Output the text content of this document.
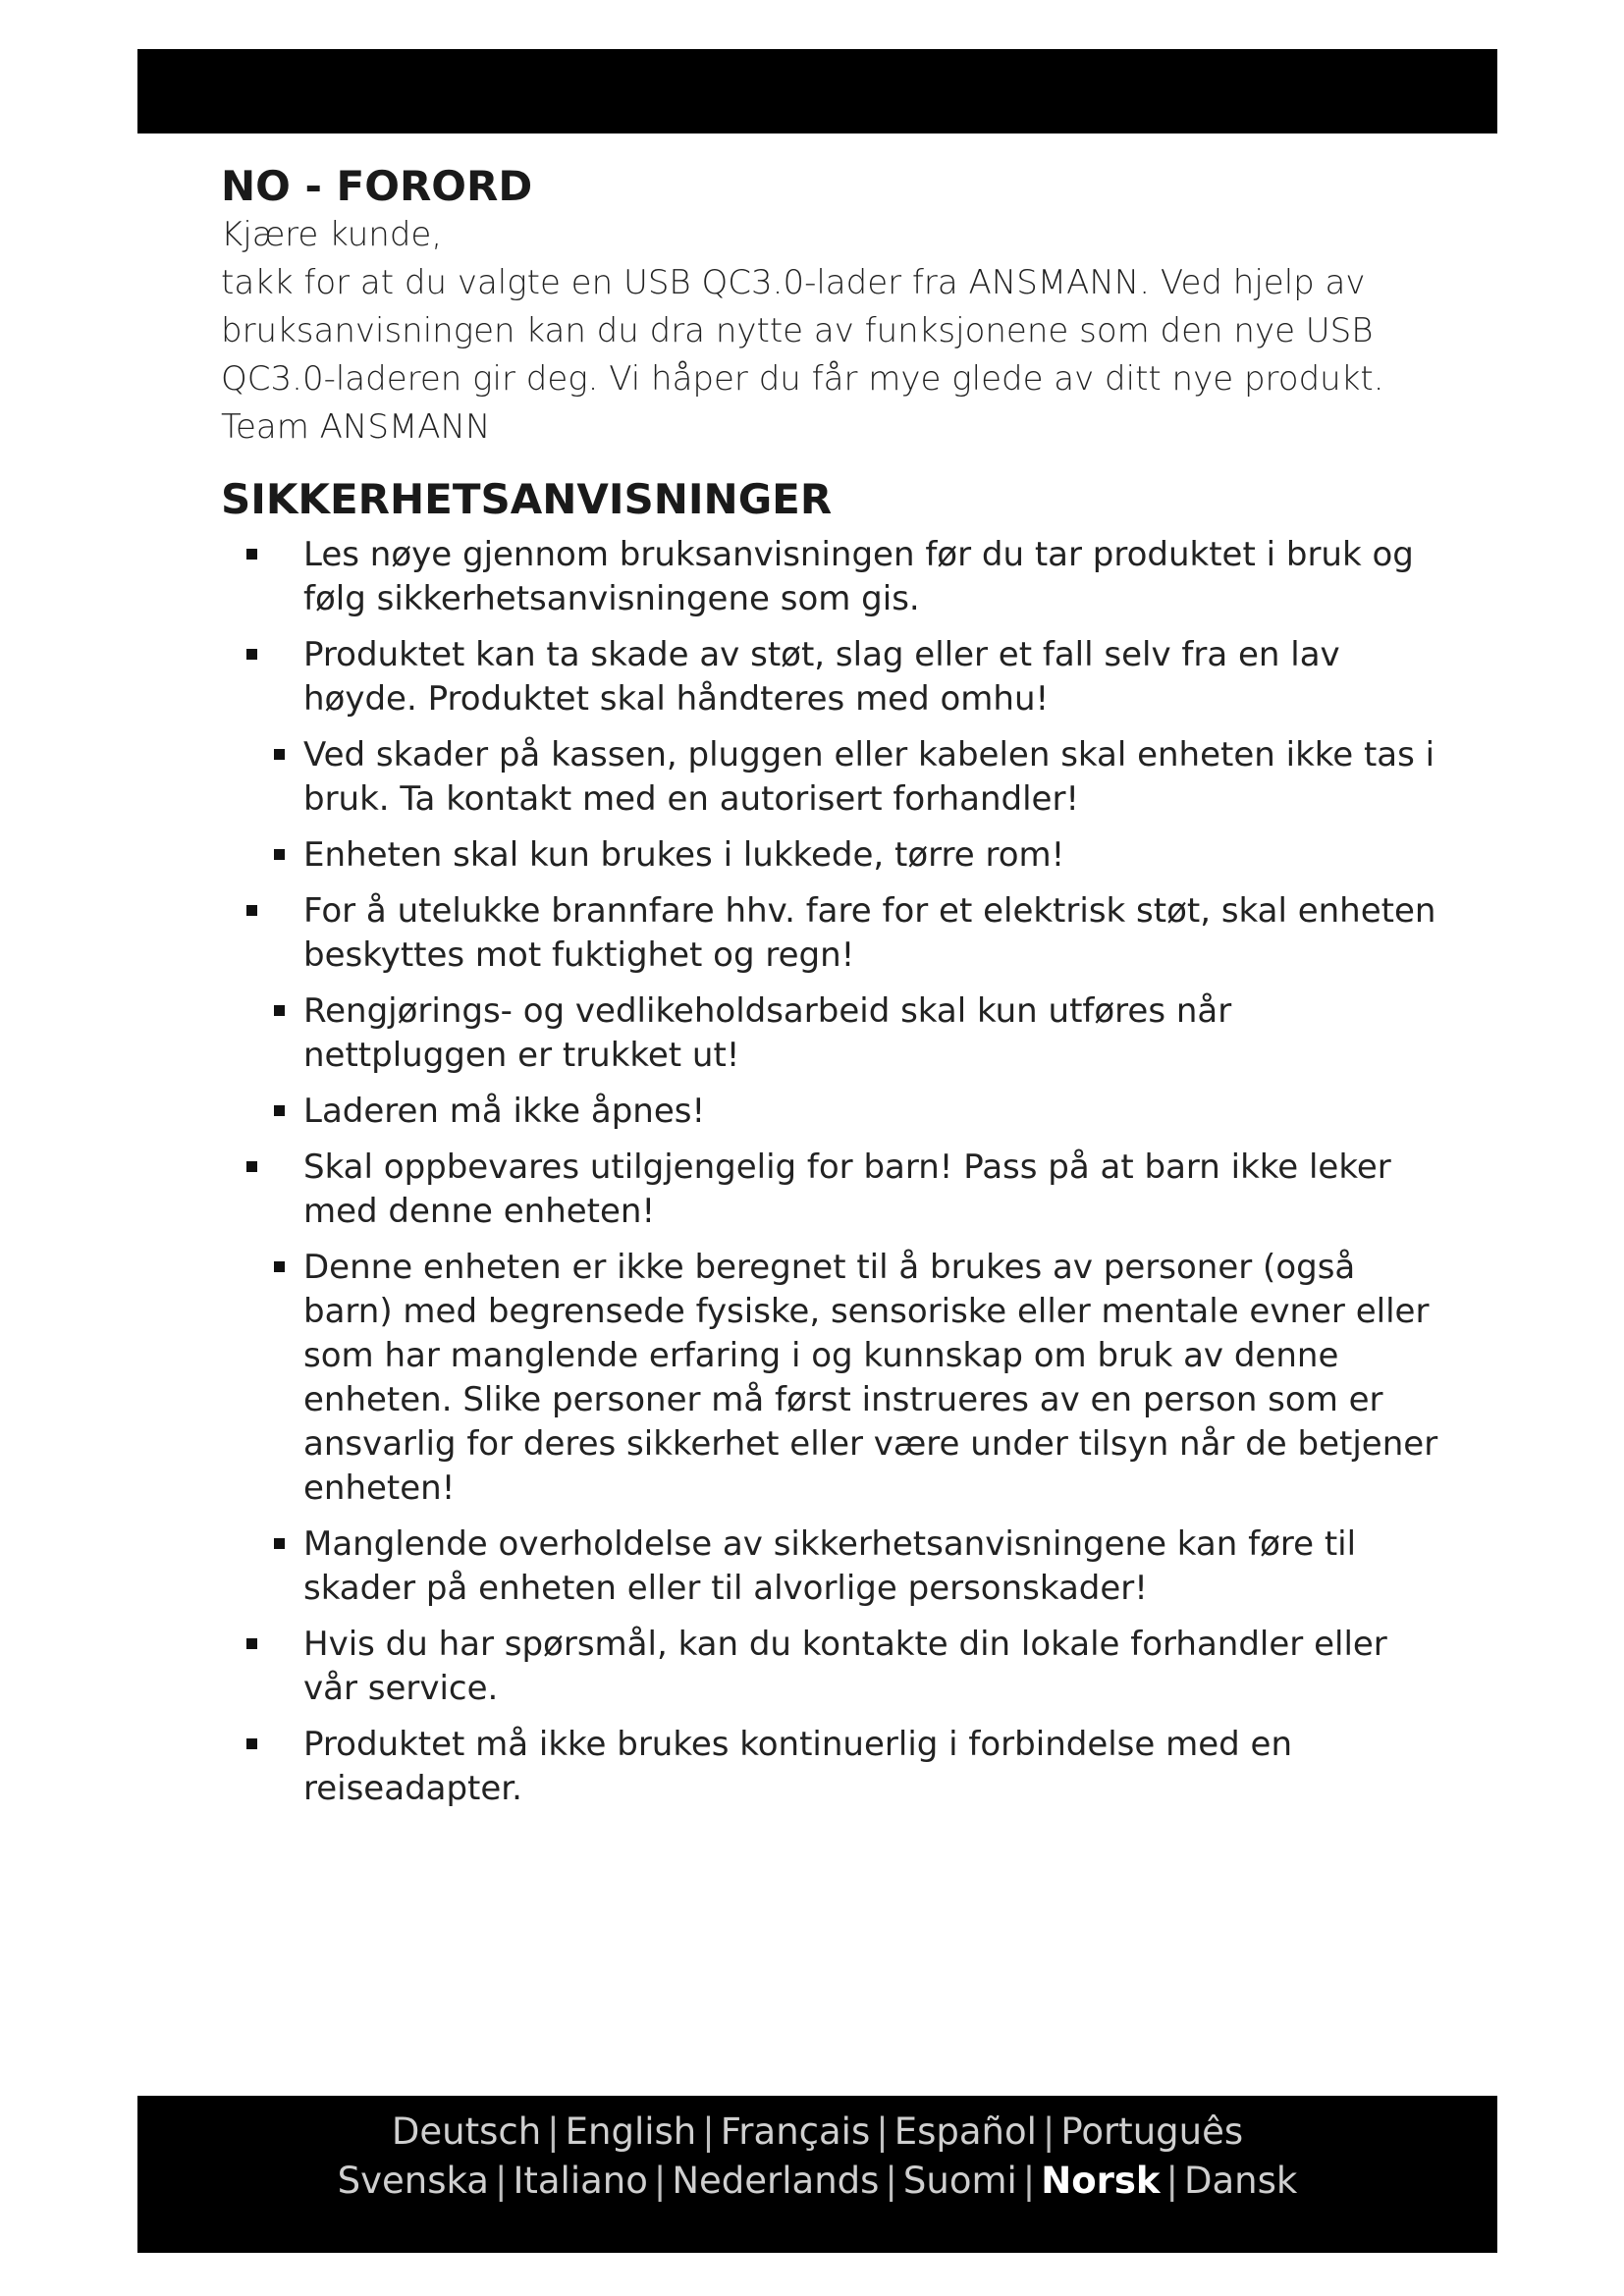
NO - FORORD

Kjære kunde,

takk for at du valgte en USB QC3.0-lader fra ANSMANN. Ved hjelp av bruksanvisningen kan du dra nytte av funksjonene som den nye USB QC3.0-laderen gir deg. Vi håper du får mye glede av ditt nye produkt.

Team ANSMANN

SIKKERHETSANVISNINGER
Les nøye gjennom bruksanvisningen før du tar produktet i bruk og følg sikkerhetsanvisningene som gis.
Produktet kan ta skade av støt, slag eller et fall selv fra en lav høyde. Produktet skal håndteres med omhu!
Ved skader på kassen, pluggen eller kabelen skal enheten ikke tas i bruk. Ta kontakt med en autorisert forhandler!
Enheten skal kun brukes i lukkede, tørre rom!
For å utelukke brannfare hhv. fare for et elektrisk støt, skal enheten beskyttes mot fuktighet og regn!
Rengjørings- og vedlikeholdsarbeid skal kun utføres når nettpluggen er trukket ut!
Laderen må ikke åpnes!
Skal oppbevares utilgjengelig for barn! Pass på at barn ikke leker med denne enheten!
Denne enheten er ikke beregnet til å brukes av personer (også barn) med begrensede fysiske, sensoriske eller mentale evner eller som har manglende erfaring i og kunnskap om bruk av denne enheten. Slike personer må først instrueres av en person som er ansvarlig for deres sikkerhet eller være under tilsyn når de betjener enheten!
Manglende overholdelse av sikkerhetsanvisningene kan føre til skader på enheten eller til alvorlige personskader!
Hvis du har spørsmål, kan du kontakte din lokale forhandler eller vår service.
Produktet må ikke brukes kontinuerlig i forbindelse med en reiseadapter.
Deutsch | English | Français | Español | Português
Svenska | Italiano | Nederlands | Suomi | Norsk | Dansk
